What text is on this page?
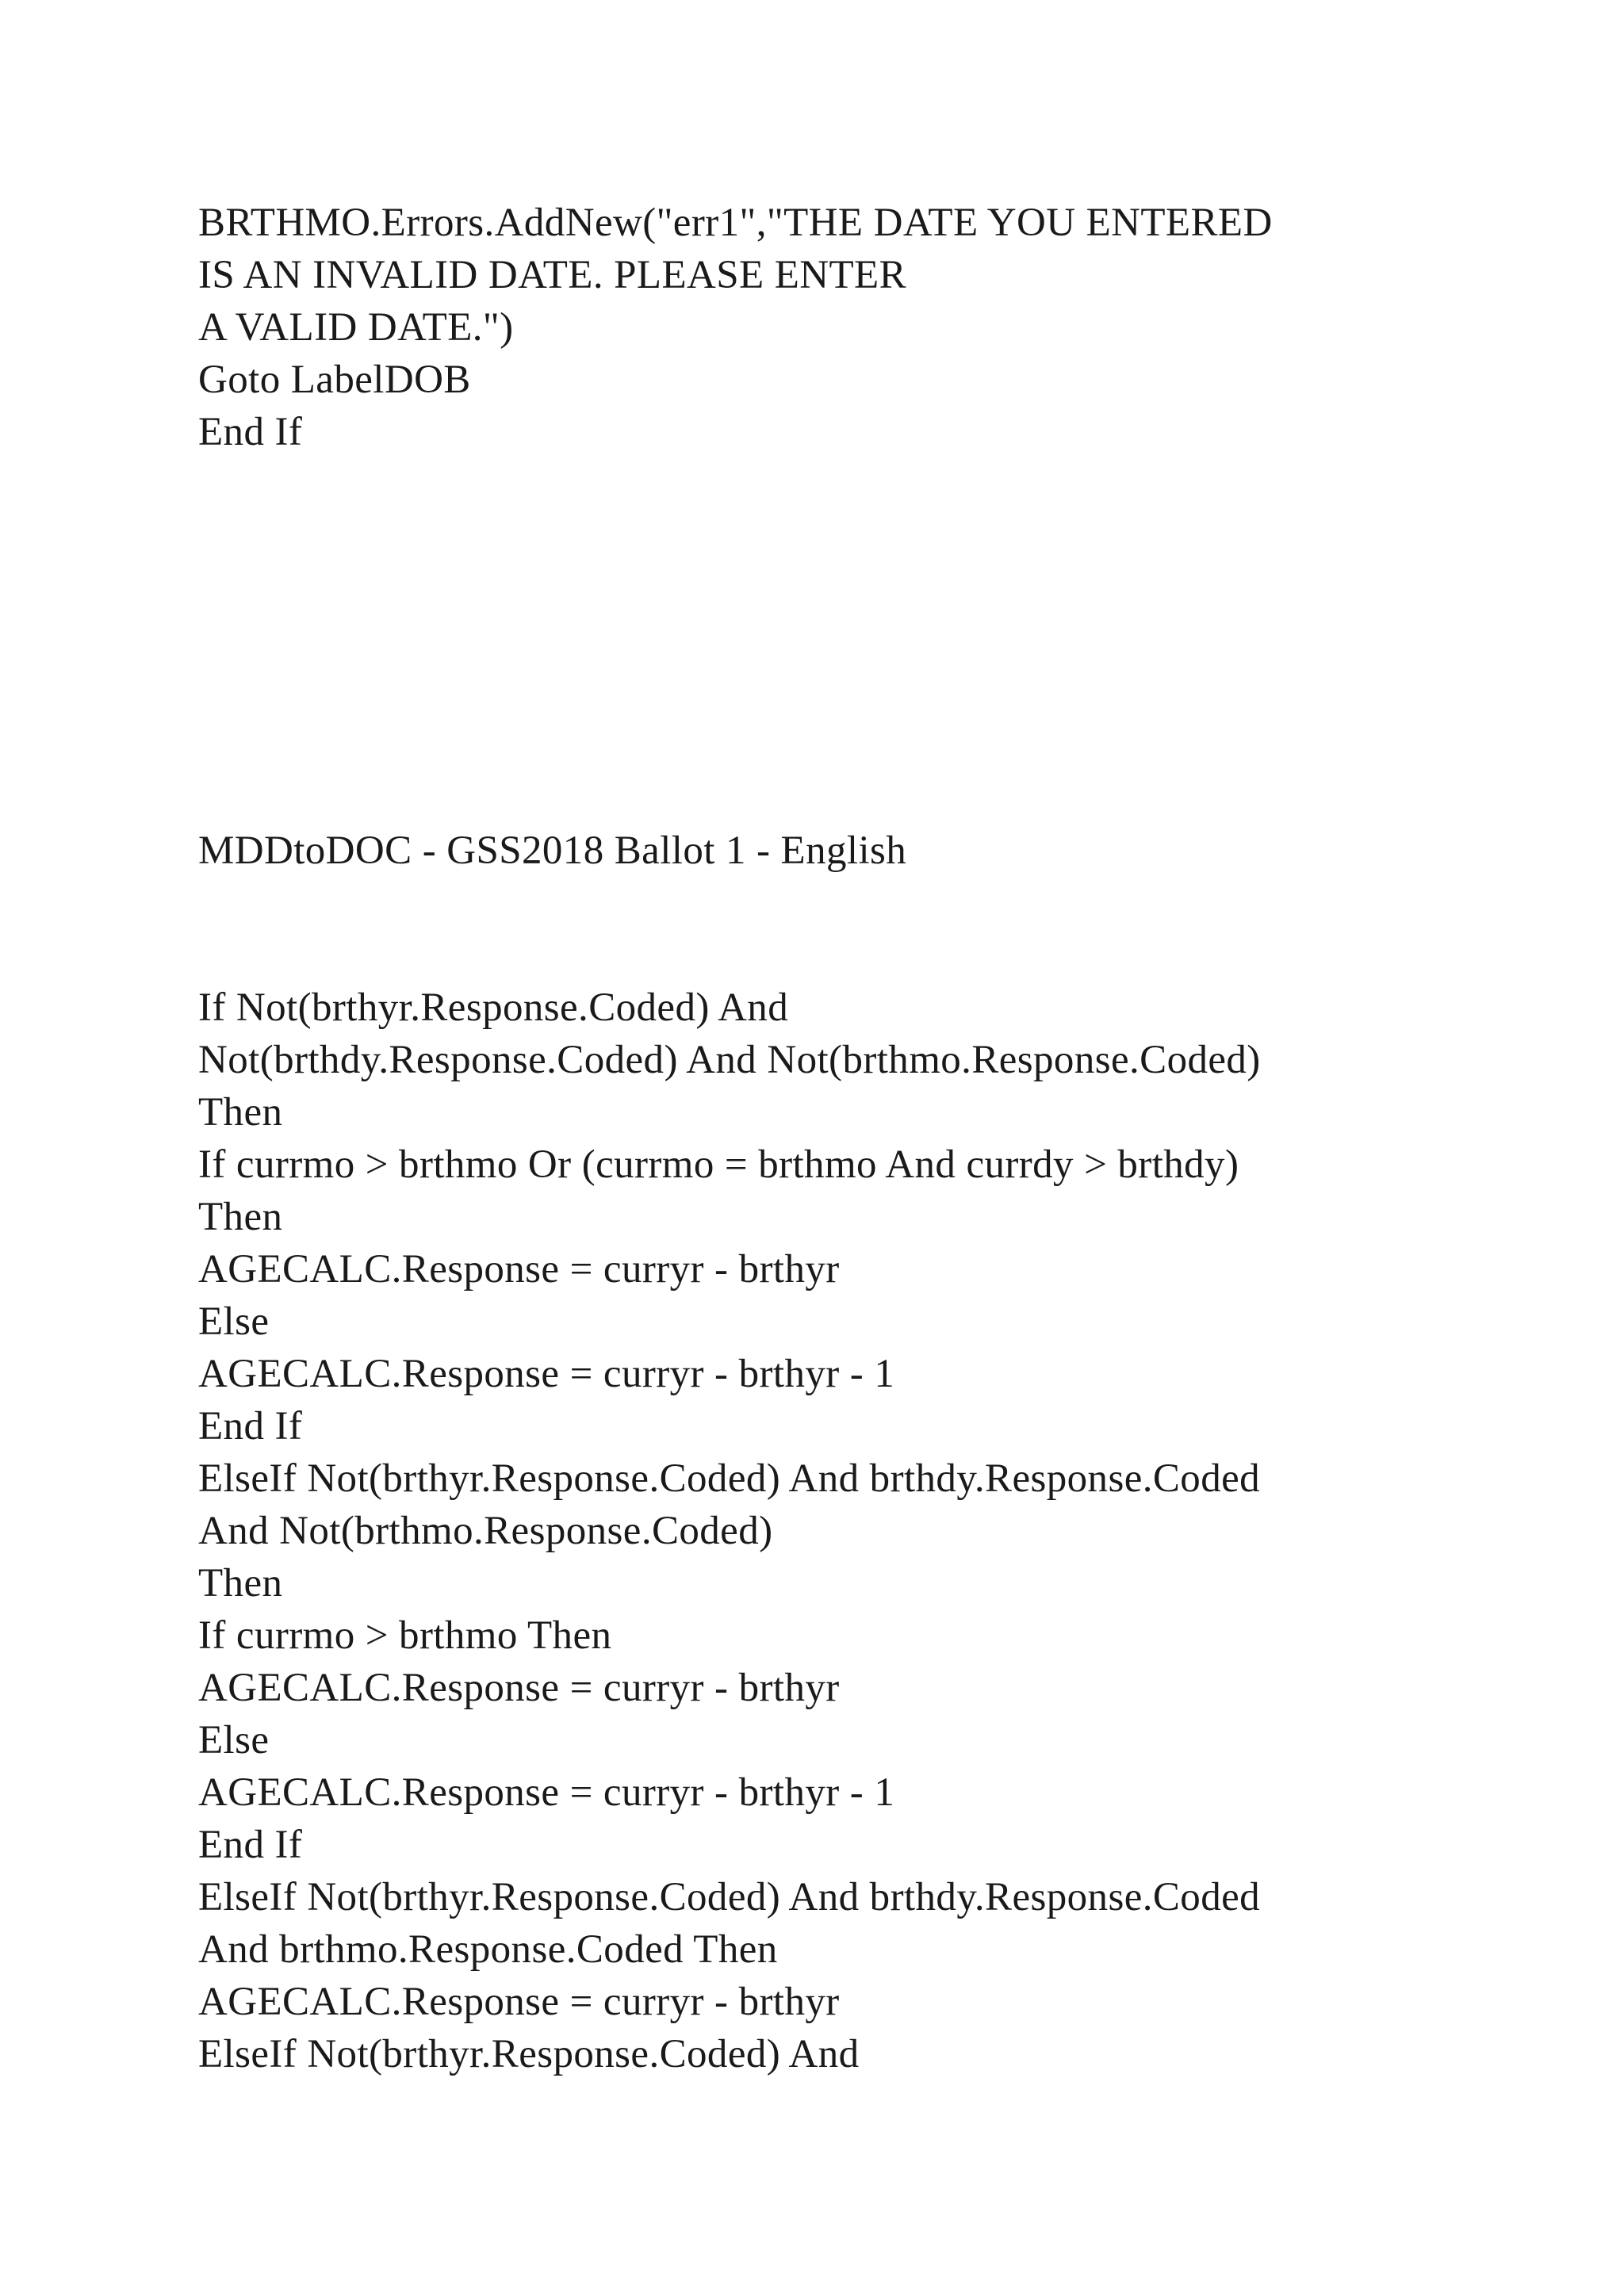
BRTHMO.Errors.AddNew("err1","THE DATE YOU ENTERED
IS AN INVALID DATE. PLEASE ENTER
A VALID DATE.")
Goto LabelDOB
End If
MDDtoDOC - GSS2018 Ballot 1 - English
If Not(brthyr.Response.Coded) And
Not(brthdy.Response.Coded) And Not(brthmo.Response.Coded)
Then
If currmo > brthmo Or (currmo = brthmo And currdy > brthdy)
Then
AGECALC.Response = curryr - brthyr
Else
AGECALC.Response = curryr - brthyr - 1
End If
ElseIf Not(brthyr.Response.Coded) And brthdy.Response.Coded
And Not(brthmo.Response.Coded)
Then
If currmo > brthmo Then
AGECALC.Response = curryr - brthyr
Else
AGECALC.Response = curryr - brthyr - 1
End If
ElseIf Not(brthyr.Response.Coded) And brthdy.Response.Coded
And brthmo.Response.Coded Then
AGECALC.Response = curryr - brthyr
ElseIf Not(brthyr.Response.Coded) And
